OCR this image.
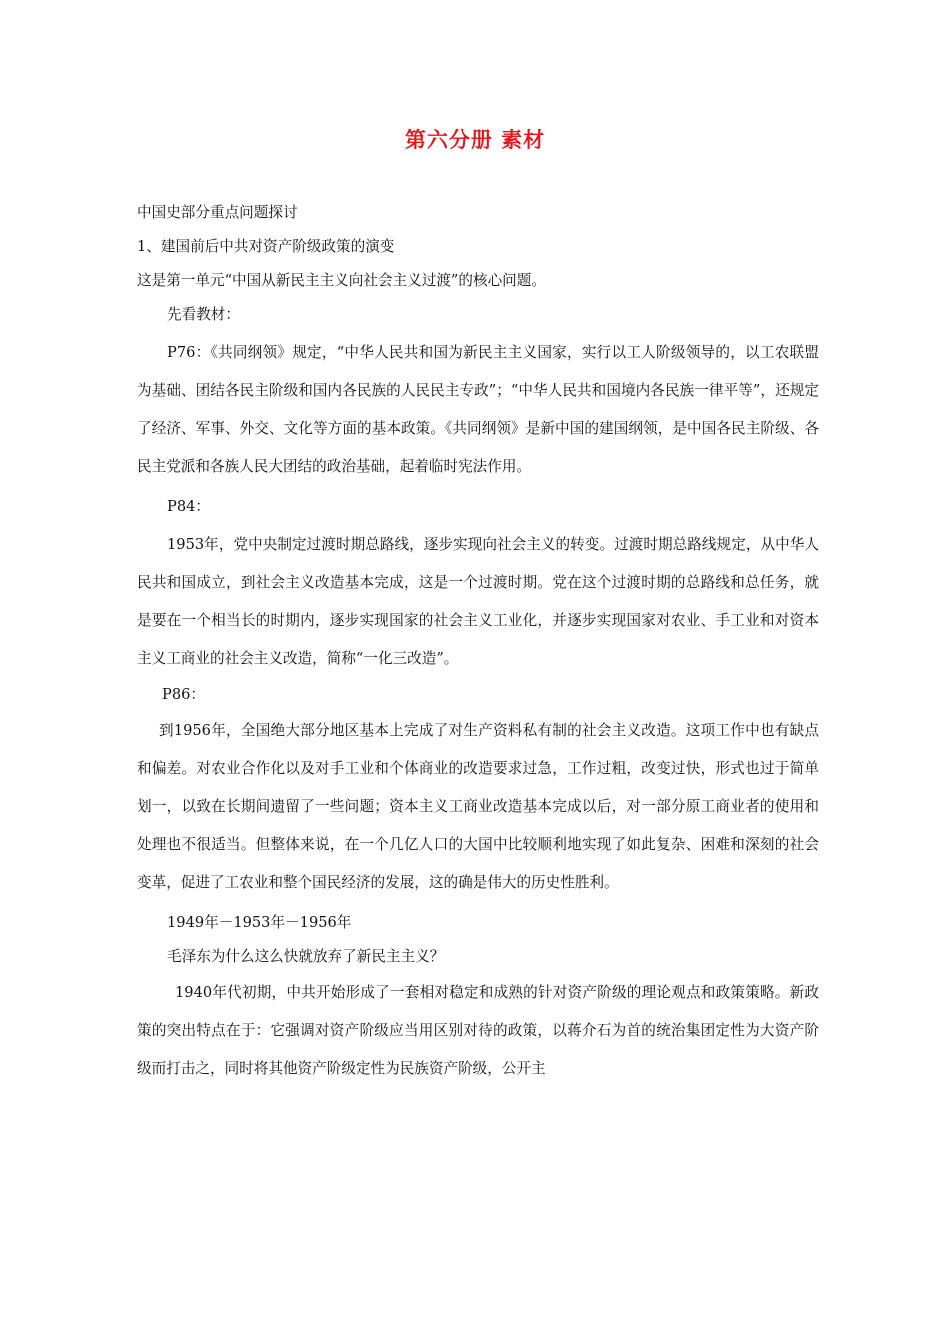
第六分册 素材

中国史部分重点问题探讨

1、建国前后中共对资产阶级政策的演变

这是第一单元“中国从新民主主义向社会主义过渡”的核心问题。

先看教材：

P76：《共同纲领》规定，“中华人民共和国为新民主主义国家，实行以工人阶级领导的，以工农联盟为基础、团结各民主阶级和国内各民族的人民民主专政”；“中华人民共和国境内各民族一律平等”，还规定了经济、军事、外交、文化等方面的基本政策。《共同纲领》是新中国的建国纲领，是中国各民主阶级、各民主党派和各族人民大团结的政治基础，起着临时宪法作用。

P84：

1953年，党中央制定过渡时期总路线，逐步实现向社会主义的转变。过渡时期总路线规定，从中华人民共和国成立，到社会主义改造基本完成，这是一个过渡时期。党在这个过渡时期的总路线和总任务，就是要在一个相当长的时期内，逐步实现国家的社会主义工业化，并逐步实现国家对农业、手工业和对资本主义工商业的社会主义改造，简称“一化三改造”。

P86：

到1956年，全国绝大部分地区基本上完成了对生产资料私有制的社会主义改造。这项工作中也有缺点和偏差。对农业合作化以及对手工业和个体商业的改造要求过急，工作过粗，改变过快，形式也过于简单划一，以致在长期间遗留了一些问题；资本主义工商业改造基本完成以后，对一部分原工商业者的使用和处理也不很适当。但整体来说，在一个几亿人口的大国中比较顺利地实现了如此复杂、困难和深刻的社会变革，促进了工农业和整个国民经济的发展，这的确是伟大的历史性胜利。

1949年－1953年－1956年

毛泽东为什么这么快就放弃了新民主主义？

1940年代初期，中共开始形成了一套相对稳定和成熟的针对资产阶级的理论观点和政策策略。新政策的突出特点在于：它强调对资产阶级应当用区别对待的政策，以蒋介石为首的统治集团定性为大资产阶级而打击之，同时将其他资产阶级定性为民族资产阶级，公开主
